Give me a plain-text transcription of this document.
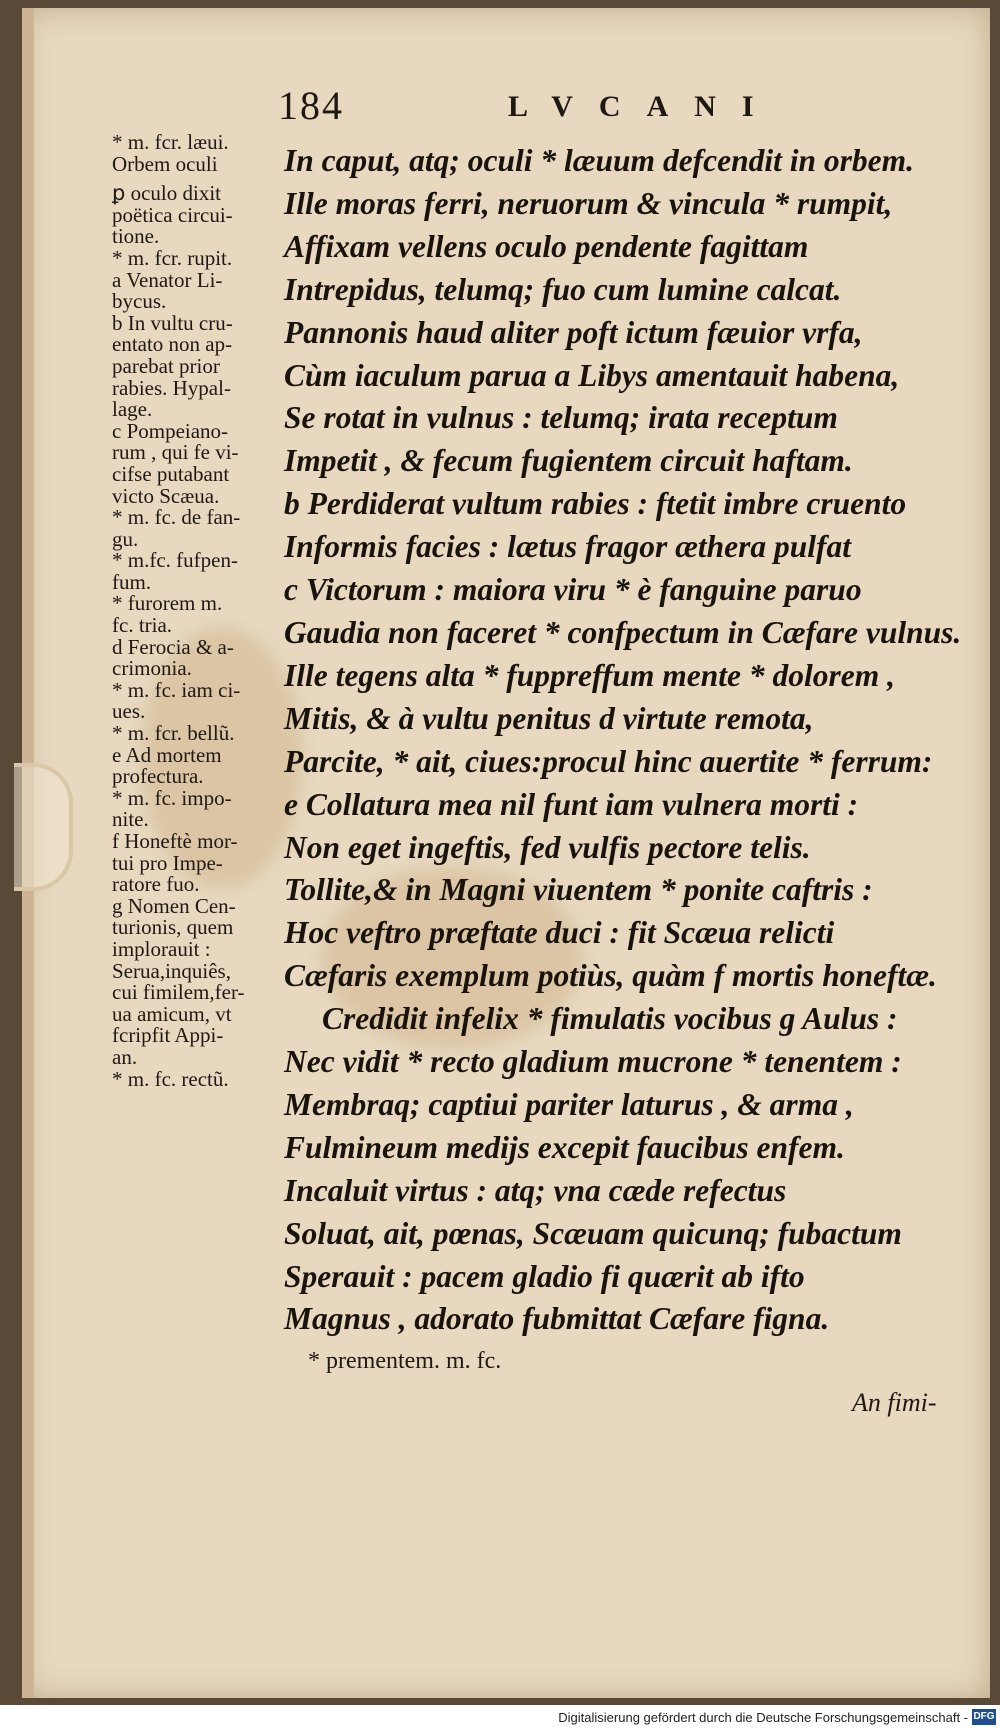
184	LVCANI

* m. fcr. læui.
Orbem oculi

ꝑ oculo dixit
poëtica circui-
tione.

* m. fcr. rupit.

a Venator Li-
bycus.

b In vultu cru-
entato non ap-
parebat prior
rabies. Hypal-
lage.

c Pompeiano-
rum , qui fe vi-
cifse putabant
victo Scæua.

* m. fc. de fan-
gu.

* m.fc. fufpen-
fum.

* furorem m.
fc. tria.

d Ferocia & a-
crimonia.

* m. fc. iam ci-
ues.

* m. fcr. bellũ.

e Ad mortem
profectura.

* m. fc. impo-
nite.

f Honeftè mor-
tui pro Impe-
ratore fuo.

g Nomen Cen-
turionis, quem
implorauit :
Serua,inquiês,
cui fimilem,fer-
ua amicum, vt
fcripfit Appi-
an.

* m. fc. rectũ.

In caput, atq; oculi * læuum defcendit in orbem.

Ille moras ferri, neruorum & vincula * rumpit,

Affixam vellens oculo pendente fagittam

Intrepidus, telumq; fuo cum lumine calcat.

Pannonis haud aliter poft ictum fæuior vrfa,

Cùm iaculum parua a Libys amentauit habena,

Se rotat in vulnus : telumq; irata receptum

Impetit , & fecum fugientem circuit haftam.

b Perdiderat vultum rabies : ftetit imbre cruento

Informis facies : lætus fragor æthera pulfat

c Victorum : maiora viru * è fanguine paruo

Gaudia non faceret * confpectum in Cæfare vulnus.

Ille tegens alta * fuppreffum mente * dolorem ,

Mitis, & à vultu penitus d virtute remota,

Parcite, * ait, ciues:procul hinc auertite * ferrum:

e Collatura mea nil funt iam vulnera morti :

Non eget ingeftis, fed vulfis pectore telis.

Tollite,& in Magni viuentem * ponite caftris :

Hoc veftro præftate duci : fit Scæua relicti

Cæfaris exemplum potiùs, quàm f mortis honeftæ.

Credidit infelix * fimulatis vocibus g Aulus :

Nec vidit * recto gladium mucrone * tenentem :

Membraq; captiui pariter laturus , & arma ,

Fulmineum medijs excepit faucibus enfem.

Incaluit virtus : atq; vna cæde refectus

Soluat, ait, pœnas, Scæuam quicunq; fubactum

Sperauit : pacem gladio fi quærit ab ifto

Magnus , adorato fubmittat Cæfare figna.

* prementem. m. fc.
An fimi-
Digitalisierung gefördert durch die Deutsche Forschungsgemeinschaft - DFG
